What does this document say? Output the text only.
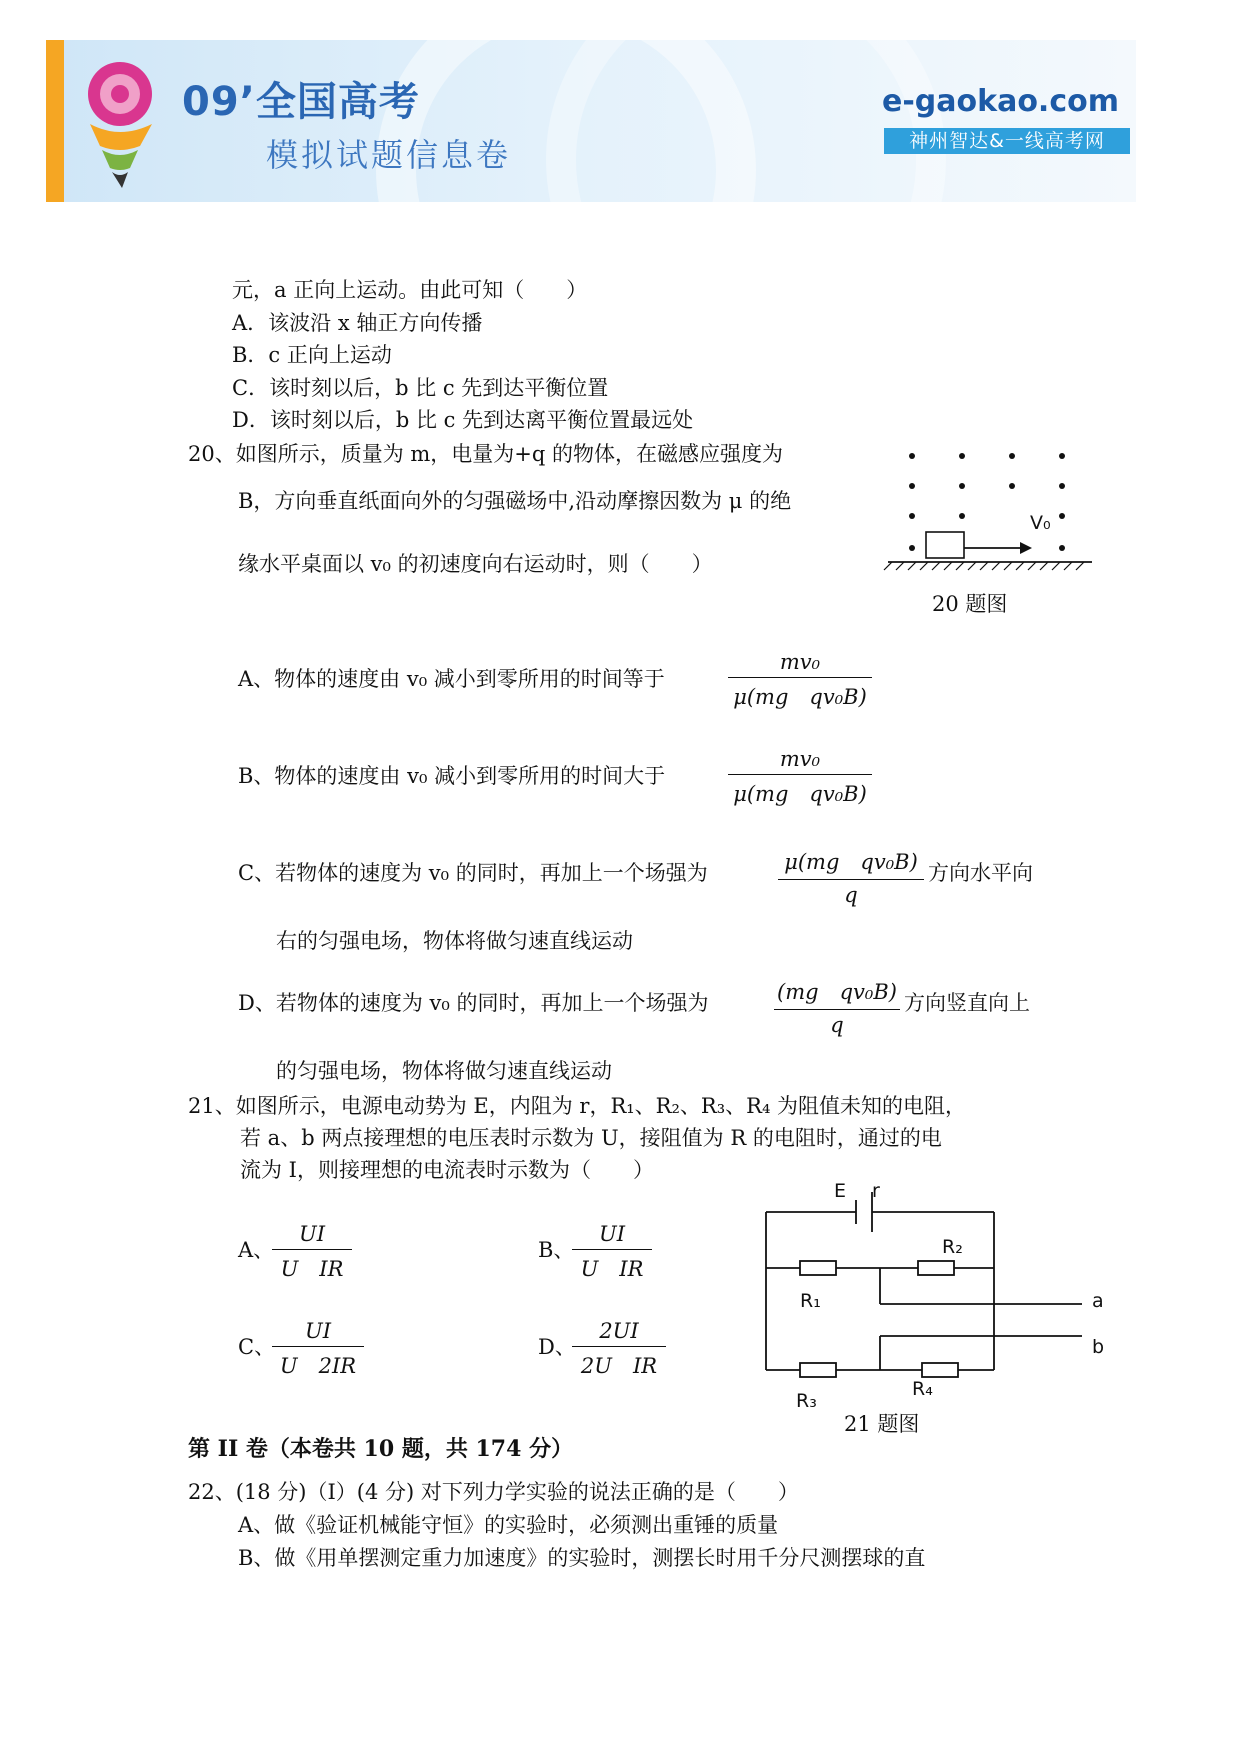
09’全国高考
模拟试题信息卷
e-gaokao.com
神州智达&一线高考网
元，a 正向上运动。由此可知（　　）
A．该波沿 x 轴正方向传播
B．c 正向上运动
C．该时刻以后，b 比 c 先到达平衡位置
D．该时刻以后，b 比 c 先到达离平衡位置最远处
20、如图所示，质量为 m，电量为+q 的物体，在磁感应强度为
B，方向垂直纸面向外的匀强磁场中,沿动摩擦因数为 μ 的绝
缘水平桌面以 v₀ 的初速度向右运动时，则（　　）
V₀
20 题图
A、物体的速度由 v₀ 减小到零所用的时间等于
mv₀
μ(mg　qv₀B)
B、物体的速度由 v₀ 减小到零所用的时间大于
mv₀
μ(mg　qv₀B)
C、若物体的速度为 v₀ 的同时，再加上一个场强为	μ(mg　qv₀B)
q
方向水平向
右的匀强电场，物体将做匀速直线运动
D、若物体的速度为 v₀ 的同时，再加上一个场强为	(mg　qv₀B)
q
方向竖直向上
的匀强电场，物体将做匀速直线运动
21、如图所示，电源电动势为 E，内阻为 r，R₁、R₂、R₃、R₄ 为阻值未知的电阻，
若 a、b 两点接理想的电压表时示数为 U，接阻值为 R 的电阻时，通过的电
流为 I，则接理想的电流表时示数为（　　）
A、
UI
U　IR
B、
UI
U　IR
C、
UI
U　2IR
D、
2UI
2U　IR
E r
R₁
R₂
R₃
R₄
a
b
21 题图
第 II 卷（本卷共 10 题，共 174 分）
22、(18 分)（Ⅰ）(4 分) 对下列力学实验的说法正确的是（　　）
A、做《验证机械能守恒》的实验时，必须测出重锤的质量
B、做《用单摆测定重力加速度》的实验时，测摆长时用千分尺测摆球的直
